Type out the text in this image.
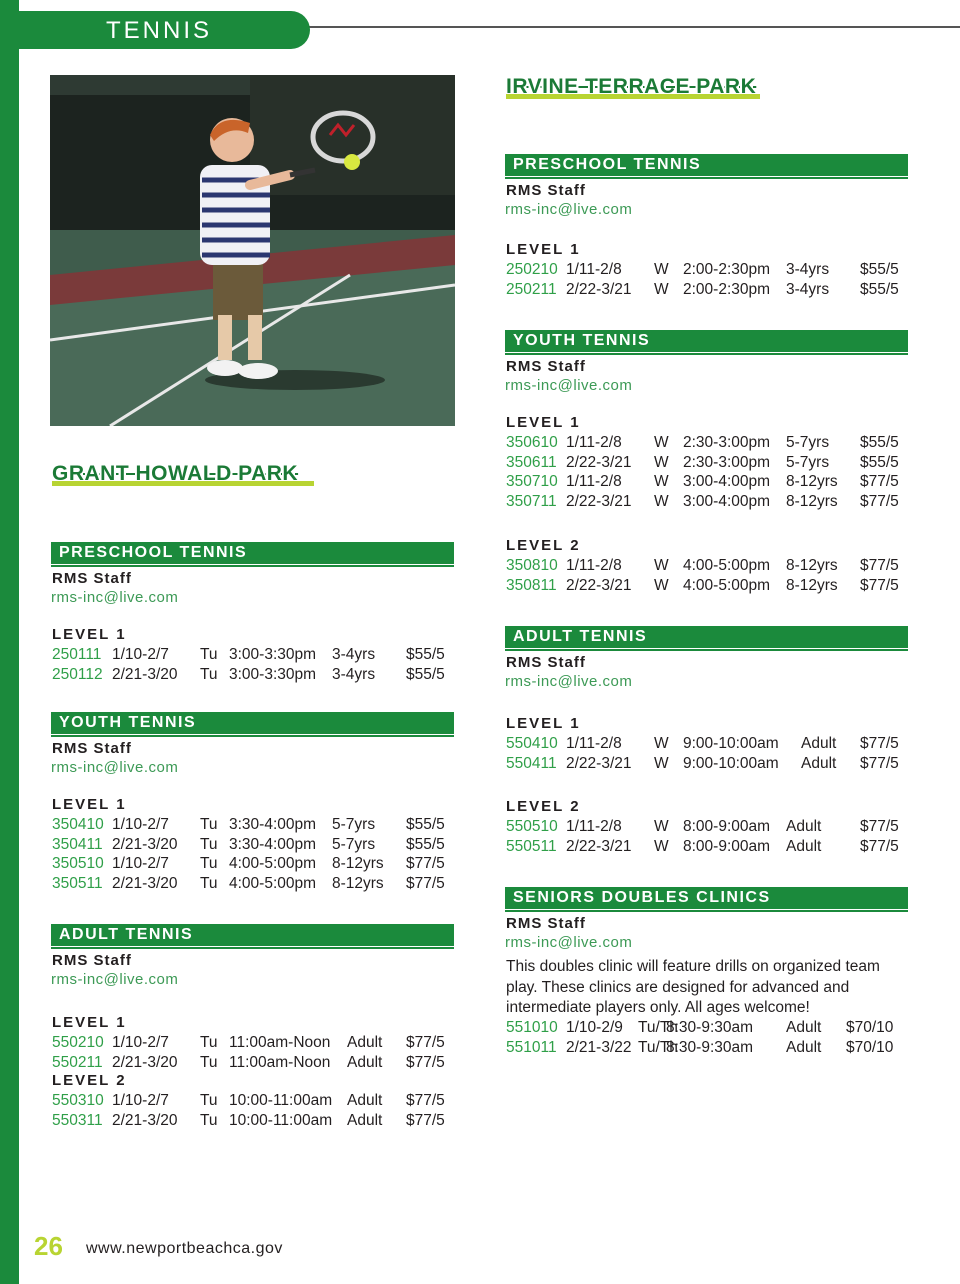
TENNIS
GRANT HOWALD PARK
PRESCHOOL TENNIS
RMS Staff
rms-inc@live.com
LEVEL 1
250111 1/10-2/7 Tu 3:00-3:30pm 3-4yrs $55/5
250112 2/21-3/20 Tu 3:00-3:30pm 3-4yrs $55/5
YOUTH TENNIS
RMS Staff
rms-inc@live.com
LEVEL 1
350410 1/10-2/7 Tu 3:30-4:00pm 5-7yrs $55/5
350411 2/21-3/20 Tu 3:30-4:00pm 5-7yrs $55/5
350510 1/10-2/7 Tu 4:00-5:00pm 8-12yrs $77/5
350511 2/21-3/20 Tu 4:00-5:00pm 8-12yrs $77/5
ADULT TENNIS
RMS Staff
rms-inc@live.com
LEVEL 1
550210 1/10-2/7 Tu 11:00am-Noon Adult $77/5
550211 2/21-3/20 Tu 11:00am-Noon Adult $77/5
LEVEL 2
550310 1/10-2/7 Tu 10:00-11:00am Adult $77/5
550311 2/21-3/20 Tu 10:00-11:00am Adult $77/5
IRVINE TERRACE PARK
PRESCHOOL TENNIS
RMS Staff
rms-inc@live.com
LEVEL 1
250210 1/11-2/8 W 2:00-2:30pm 3-4yrs $55/5
250211 2/22-3/21 W 2:00-2:30pm 3-4yrs $55/5
YOUTH TENNIS
RMS Staff
rms-inc@live.com
LEVEL 1
350610 1/11-2/8 W 2:30-3:00pm 5-7yrs $55/5
350611 2/22-3/21 W 2:30-3:00pm 5-7yrs $55/5
350710 1/11-2/8 W 3:00-4:00pm 8-12yrs $77/5
350711 2/22-3/21 W 3:00-4:00pm 8-12yrs $77/5
LEVEL 2
350810 1/11-2/8 W 4:00-5:00pm 8-12yrs $77/5
350811 2/22-3/21 W 4:00-5:00pm 8-12yrs $77/5
ADULT TENNIS
RMS Staff
rms-inc@live.com
LEVEL 1
550410 1/11-2/8 W 9:00-10:00am Adult $77/5
550411 2/22-3/21 W 9:00-10:00am Adult $77/5
LEVEL 2
550510 1/11-2/8 W 8:00-9:00am Adult $77/5
550511 2/22-3/21 W 8:00-9:00am Adult $77/5
SENIORS DOUBLES CLINICS
RMS Staff
rms-inc@live.com
This doubles clinic will feature drills on organized team play. These clinics are designed for advanced and intermediate players only. All ages welcome!
551010 1/10-2/9 Tu/Th
8:30-9:30am Adult $70/10
551011 2/21-3/22 Tu/Th
8:30-9:30am Adult $70/10
26 www.newportbeachca.gov
